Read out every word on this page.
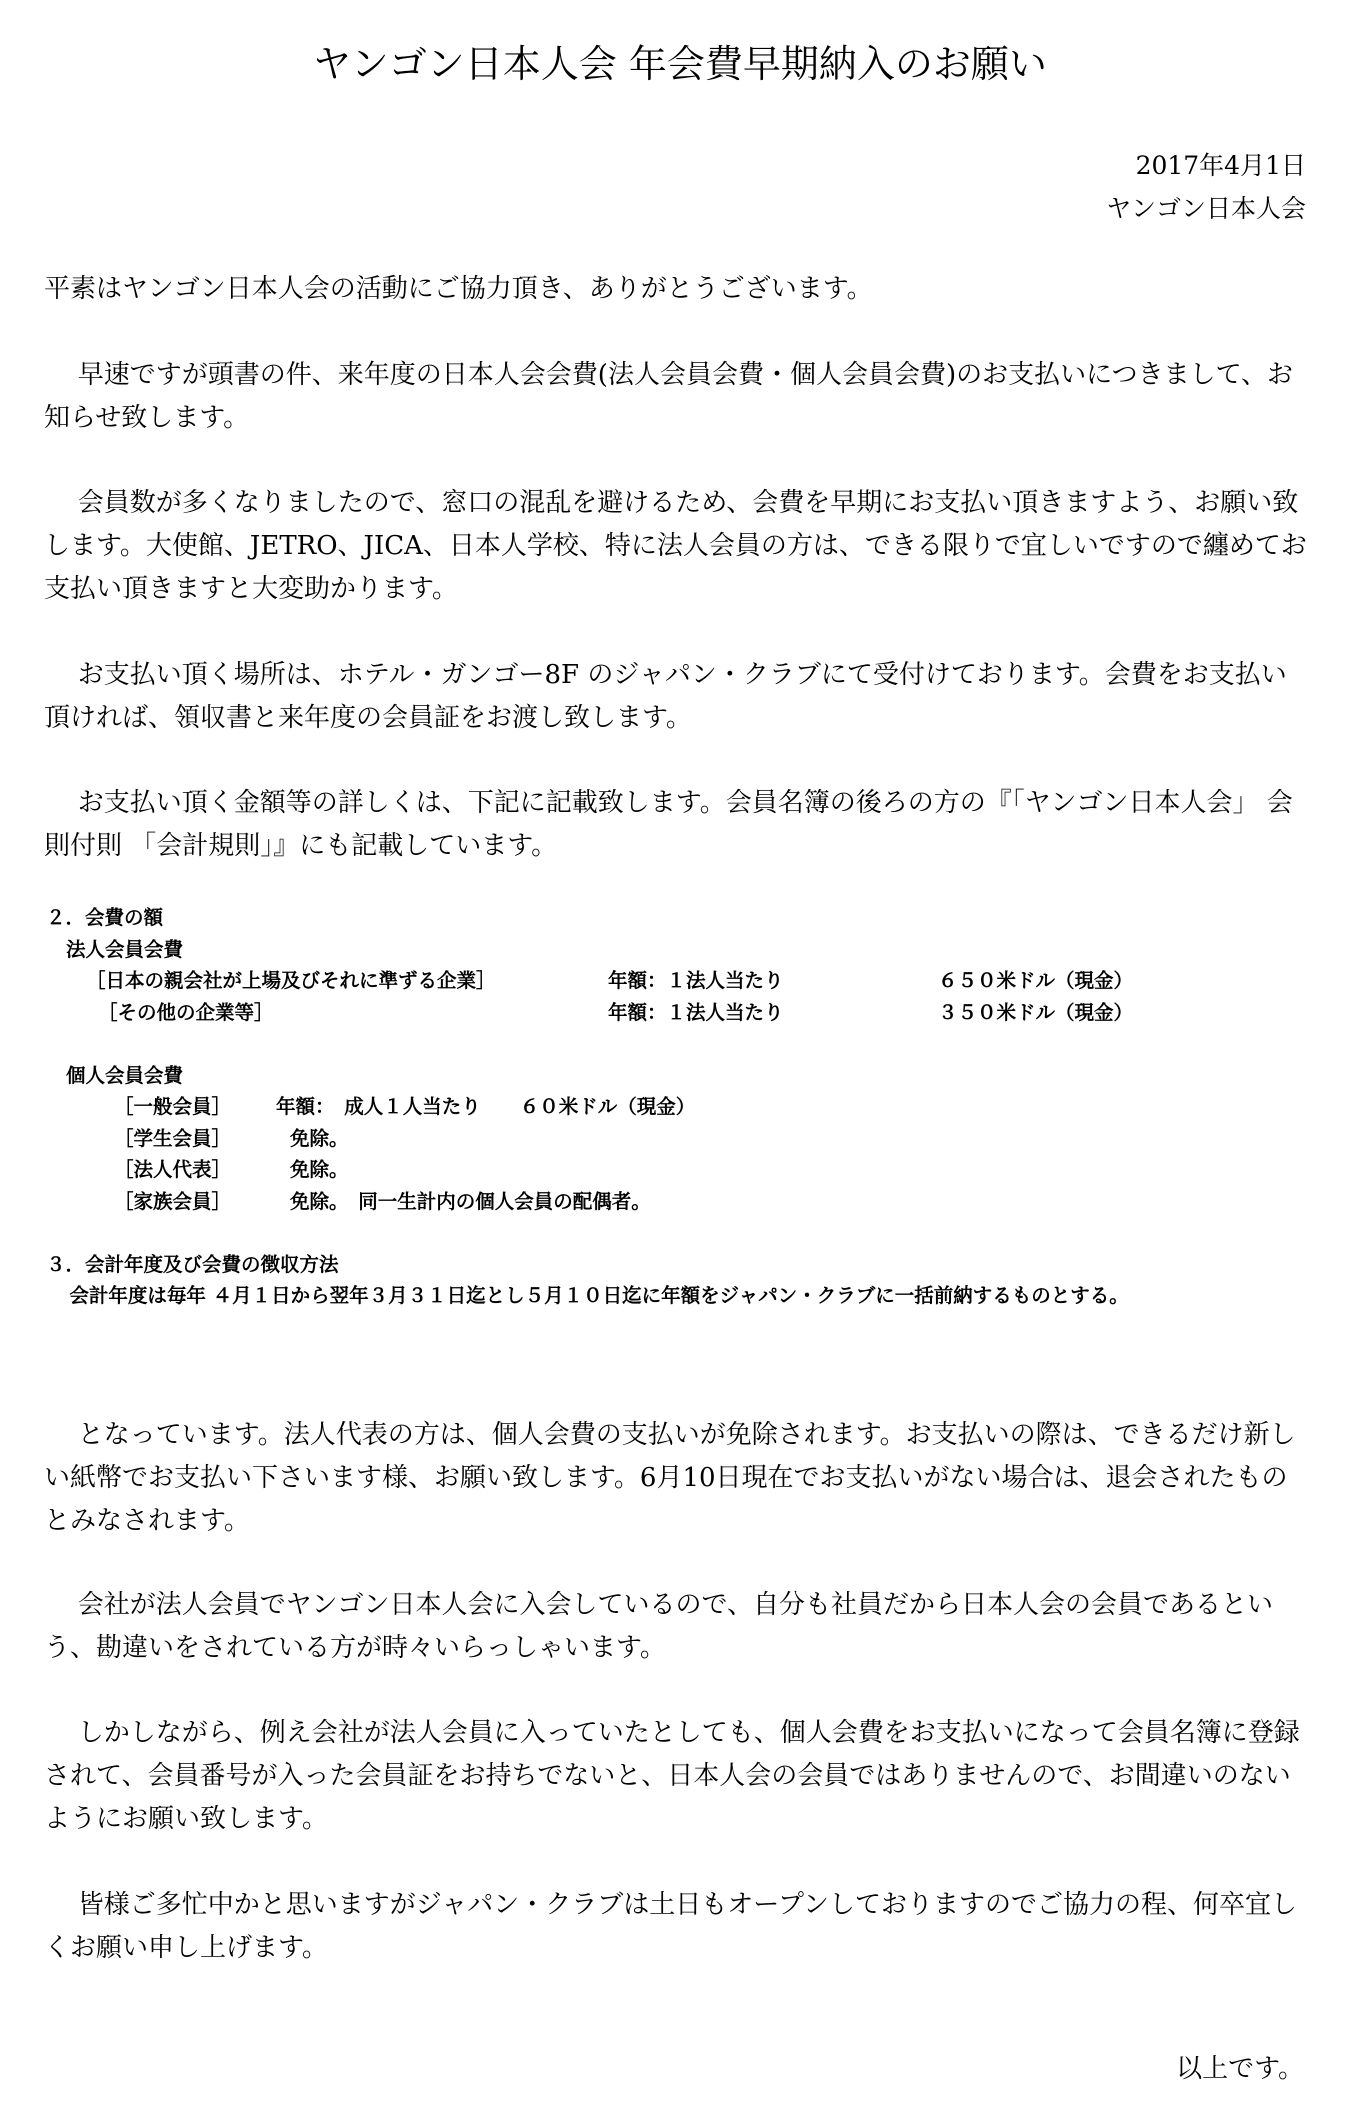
ヤンゴン日本人会 年会費早期納入のお願い
2017年4月1日
ヤンゴン日本人会

平素はヤンゴン日本人会の活動にご協力頂き、ありがとうございます。

早速ですが頭書の件、来年度の日本人会会費(法人会員会費・個人会員会費)のお支払いにつきまして、お知らせ致します。

会員数が多くなりましたので、窓口の混乱を避けるため、会費を早期にお支払い頂きますよう、お願い致します。大使館、JETRO、JICA、日本人学校、特に法人会員の方は、できる限りで宜しいですので纏めてお支払い頂きますと大変助かります。

お支払い頂く場所は、ホテル・ガンゴー8F のジャパン・クラブにて受付けております。会費をお支払い頂ければ、領収書と来年度の会員証をお渡し致します。

お支払い頂く金額等の詳しくは、下記に記載致します。会員名簿の後ろの方の『「ヤンゴン日本人会」 会則付則 「会計規則」』にも記載しています。

２．会費の額
法人会員会費
［日本の親会社が上場及びそれに準ずる企業］	年額：１法人当たり	６５０米ドル（現金）
［その他の企業等］	年額：１法人当たり	３５０米ドル（現金）
個人会員会費
［一般会員］ 年額：　成人１人当たり　　６０米ドル（現金）
［学生会員］	免除。
［法人代表］	免除。
［家族会員］	免除。　同一生計内の個人会員の配偶者。
３．会計年度及び会費の徴収方法
会計年度は毎年 ４月１日から翌年３月３１日迄とし５月１０日迄に年額をジャパン・クラブに一括前納するものとする。

となっています。法人代表の方は、個人会費の支払いが免除されます。お支払いの際は、できるだけ新しい紙幣でお支払い下さいます様、お願い致します。6月10日現在でお支払いがない場合は、退会されたものとみなされます。

会社が法人会員でヤンゴン日本人会に入会しているので、自分も社員だから日本人会の会員であるという、勘違いをされている方が時々いらっしゃいます。

しかしながら、例え会社が法人会員に入っていたとしても、個人会費をお支払いになって会員名簿に登録されて、会員番号が入った会員証をお持ちでないと、日本人会の会員ではありませんので、お間違いのないようにお願い致します。

皆様ご多忙中かと思いますがジャパン・クラブは土日もオープンしておりますのでご協力の程、何卒宜しくお願い申し上げます。

以上です。
